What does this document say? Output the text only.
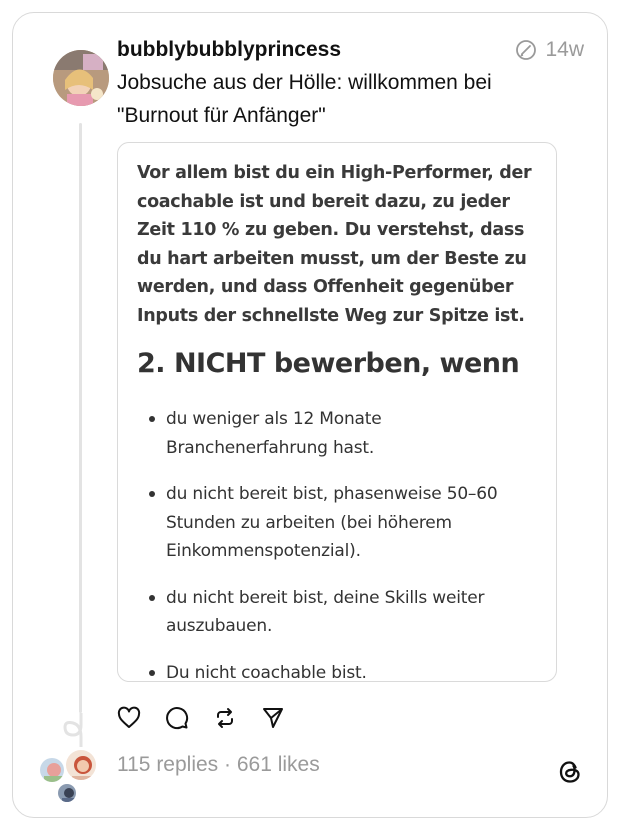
bubblybubblyprincess	14w
Jobsuche aus der Hölle: willkommen bei
"Burnout für Anfänger"
Vor allem bist du ein High-Performer, der coachable ist und bereit dazu, zu jeder Zeit 110 % zu geben. Du verstehst, dass du hart arbeiten musst, um der Beste zu werden, und dass Offenheit gegenüber Inputs der schnellste Weg zur Spitze ist.
2. NICHT bewerben, wenn
du weniger als 12 Monate Branchenerfahrung hast.
du nicht bereit bist, phasenweise 50–60 Stunden zu arbeiten (bei höherem Einkommenspotenzial).
du nicht bereit bist, deine Skills weiter auszubauen.
Du nicht coachable bist.
115 replies · 661 likes
